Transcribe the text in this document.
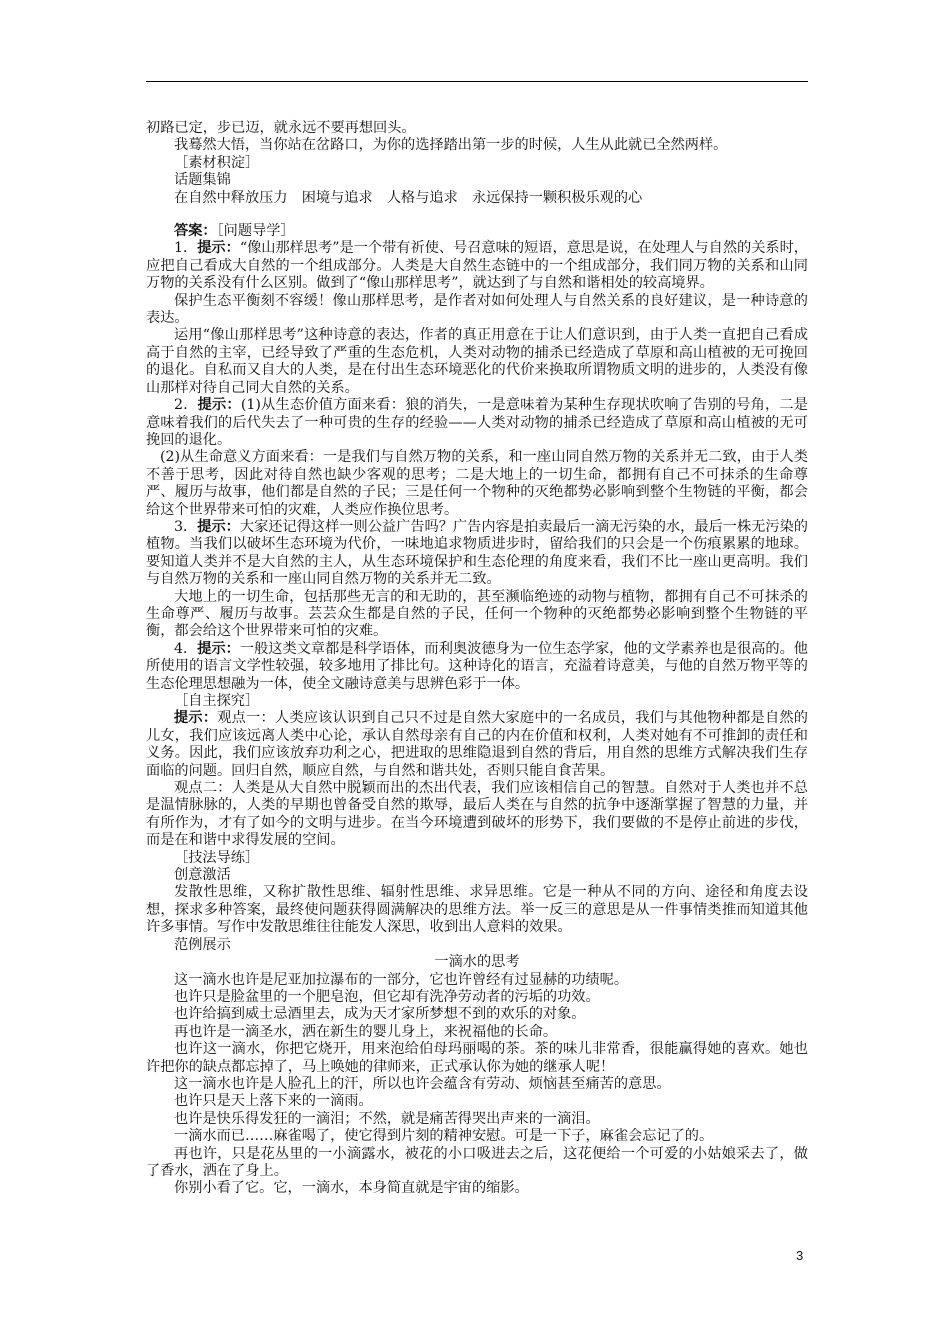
初路已定，步已迈，就永远不要再想回头。

我蓦然大悟，当你站在岔路口，为你的选择踏出第一步的时候，人生从此就已全然两样。

［素材积淀］

话题集锦

在自然中释放压力　困境与追求　人格与追求　永远保持一颗积极乐观的心

答案：［问题导学］

1．提示：“像山那样思考”是一个带有祈使、号召意味的短语，意思是说，在处理人与自然的关系时，应把自己看成大自然的一个组成部分。人类是大自然生态链中的一个组成部分，我们同万物的关系和山同万物的关系没有什么区别。做到了“像山那样思考”，就达到了与自然和谐相处的较高境界。

保护生态平衡刻不容缓！像山那样思考，是作者对如何处理人与自然关系的良好建议，是一种诗意的表达。

运用“像山那样思考”这种诗意的表达，作者的真正用意在于让人们意识到，由于人类一直把自己看成高于自然的主宰，已经导致了严重的生态危机，人类对动物的捕杀已经造成了草原和高山植被的无可挽回的退化。自私而又自大的人类，是在付出生态环境恶化的代价来换取所谓物质文明的进步的，人类没有像山那样对待自己同大自然的关系。

2．提示：(1)从生态价值方面来看：狼的消失，一是意味着为某种生存现状吹响了告别的号角，二是意味着我们的后代失去了一种可贵的生存的经验——人类对动物的捕杀已经造成了草原和高山植被的无可挽回的退化。

(2)从生命意义方面来看：一是我们与自然万物的关系，和一座山同自然万物的关系并无二致，由于人类不善于思考，因此对待自然也缺少客观的思考；二是大地上的一切生命，都拥有自己不可抹杀的生命尊严、履历与故事，他们都是自然的子民；三是任何一个物种的灭绝都势必影响到整个生物链的平衡，都会给这个世界带来可怕的灾难，人类应作换位思考。

3．提示：大家还记得这样一则公益广告吗？广告内容是拍卖最后一滴无污染的水，最后一株无污染的植物。当我们以破坏生态环境为代价，一味地追求物质进步时，留给我们的只会是一个伤痕累累的地球。要知道人类并不是大自然的主人，从生态环境保护和生态伦理的角度来看，我们不比一座山更高明。我们与自然万物的关系和一座山同自然万物的关系并无二致。

大地上的一切生命，包括那些无言的和无助的，甚至濒临绝迹的动物与植物，都拥有自己不可抹杀的生命尊严、履历与故事。芸芸众生都是自然的子民，任何一个物种的灭绝都势必影响到整个生物链的平衡，都会给这个世界带来可怕的灾难。

4．提示：一般这类文章都是科学语体，而利奥波德身为一位生态学家，他的文学素养也是很高的。他所使用的语言文学性较强，较多地用了排比句。这种诗化的语言，充溢着诗意美，与他的自然万物平等的生态伦理思想融为一体，使全文融诗意美与思辨色彩于一体。

［自主探究］

提示：观点一：人类应该认识到自己只不过是自然大家庭中的一名成员，我们与其他物种都是自然的儿女，我们应该远离人类中心论，承认自然母亲有自己的内在价值和权利，人类对她有不可推卸的责任和义务。因此，我们应该放弃功利之心，把进取的思维隐退到自然的背后，用自然的思维方式解决我们生存面临的问题。回归自然，顺应自然，与自然和谐共处，否则只能自食苦果。

观点二：人类是从大自然中脱颖而出的杰出代表，我们应该相信自己的智慧。自然对于人类也并不总是温情脉脉的，人类的早期也曾备受自然的欺辱，最后人类在与自然的抗争中逐渐掌握了智慧的力量，并有所作为，才有了如今的文明与进步。在当今环境遭到破坏的形势下，我们要做的不是停止前进的步伐，而是在和谐中求得发展的空间。

［技法导练］

创意激活

发散性思维，又称扩散性思维、辐射性思维、求异思维。它是一种从不同的方向、途径和角度去设想，探求多种答案，最终使问题获得圆满解决的思维方法。举一反三的意思是从一件事情类推而知道其他许多事情。写作中发散思维往往能发人深思，收到出人意料的效果。

范例展示

一滴水的思考

这一滴水也许是尼亚加拉瀑布的一部分，它也许曾经有过显赫的功绩呢。

也许只是脸盆里的一个肥皂泡，但它却有洗净劳动者的污垢的功效。

也许给搞到威士忌酒里去，成为天才家所梦想不到的欢乐的对象。

再也许是一滴圣水，洒在新生的婴儿身上，来祝福他的长命。

也许这一滴水，你把它烧开，用来泡给伯母玛丽喝的茶。茶的味儿非常香，很能赢得她的喜欢。她也许把你的缺点都忘掉了，马上唤她的律师来，正式承认你为她的继承人呢！

这一滴水也许是人脸孔上的汗，所以也许会蕴含有劳动、烦恼甚至痛苦的意思。

也许只是天上落下来的一滴雨。

也许是快乐得发狂的一滴泪；不然，就是痛苦得哭出声来的一滴泪。

一滴水而已……麻雀喝了，使它得到片刻的精神安慰。可是一下子，麻雀会忘记了的。

再也许，只是花丛里的一小滴露水，被花的小口吸进去之后，这花便给一个可爱的小姑娘采去了，做了香水，洒在了身上。

你别小看了它。它，一滴水，本身简直就是宇宙的缩影。

3
